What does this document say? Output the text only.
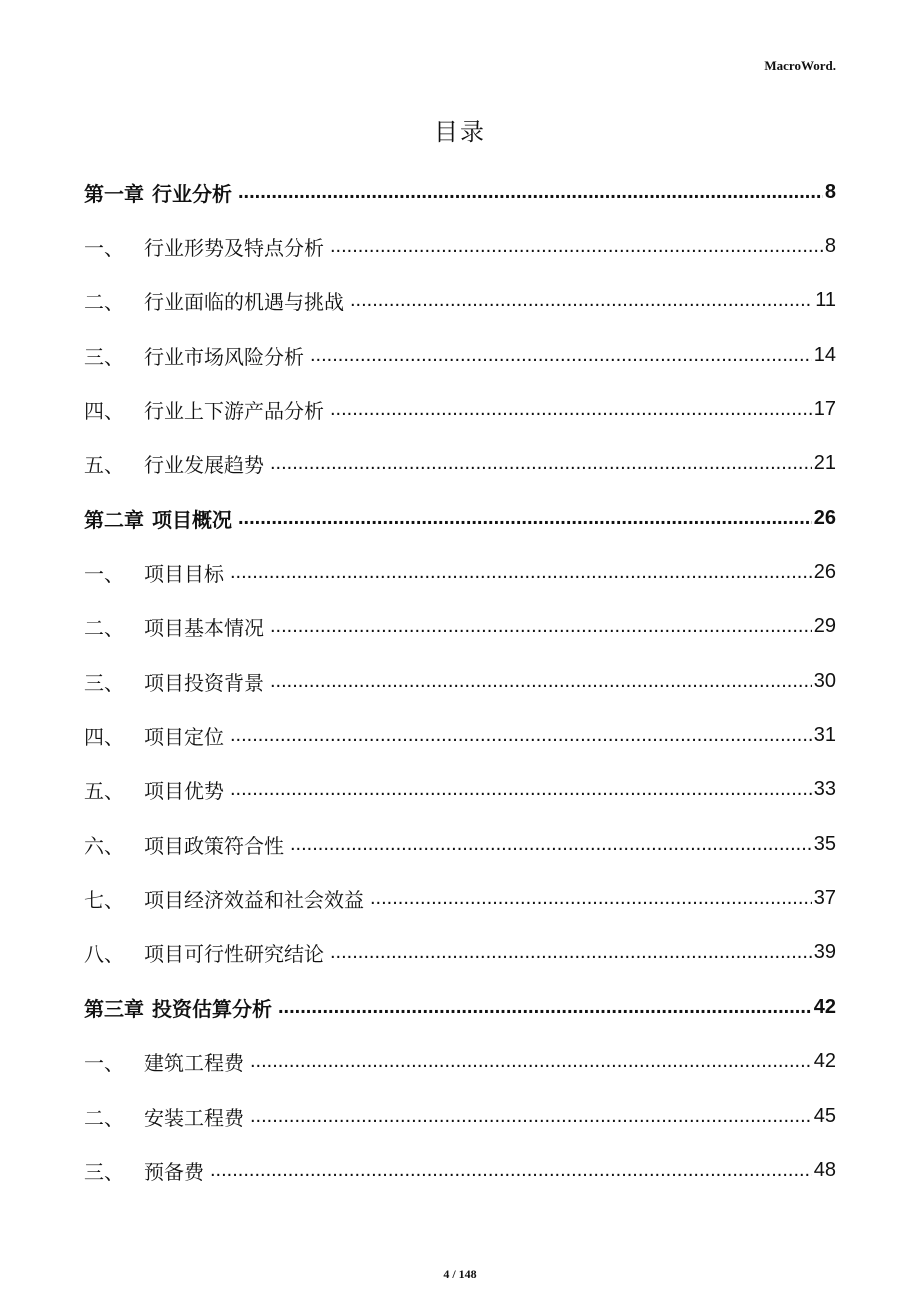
MacroWord.
目录
第一章 行业分析 .....	8
一、	行业形势及特点分析 .....	8
二、	行业面临的机遇与挑战 .....	11
三、	行业市场风险分析 .....	14
四、	行业上下游产品分析 .....	17
五、	行业发展趋势 .....	21
第二章 项目概况 .....	26
一、	项目目标 .....	26
二、	项目基本情况 .....	29
三、	项目投资背景 .....	30
四、	项目定位 .....	31
五、	项目优势 .....	33
六、	项目政策符合性 .....	35
七、	项目经济效益和社会效益 .....	37
八、	项目可行性研究结论 .....	39
第三章 投资估算分析 .....	42
一、	建筑工程费 .....	42
二、	安装工程费 .....	45
三、	预备费 .....	48
4 / 148
